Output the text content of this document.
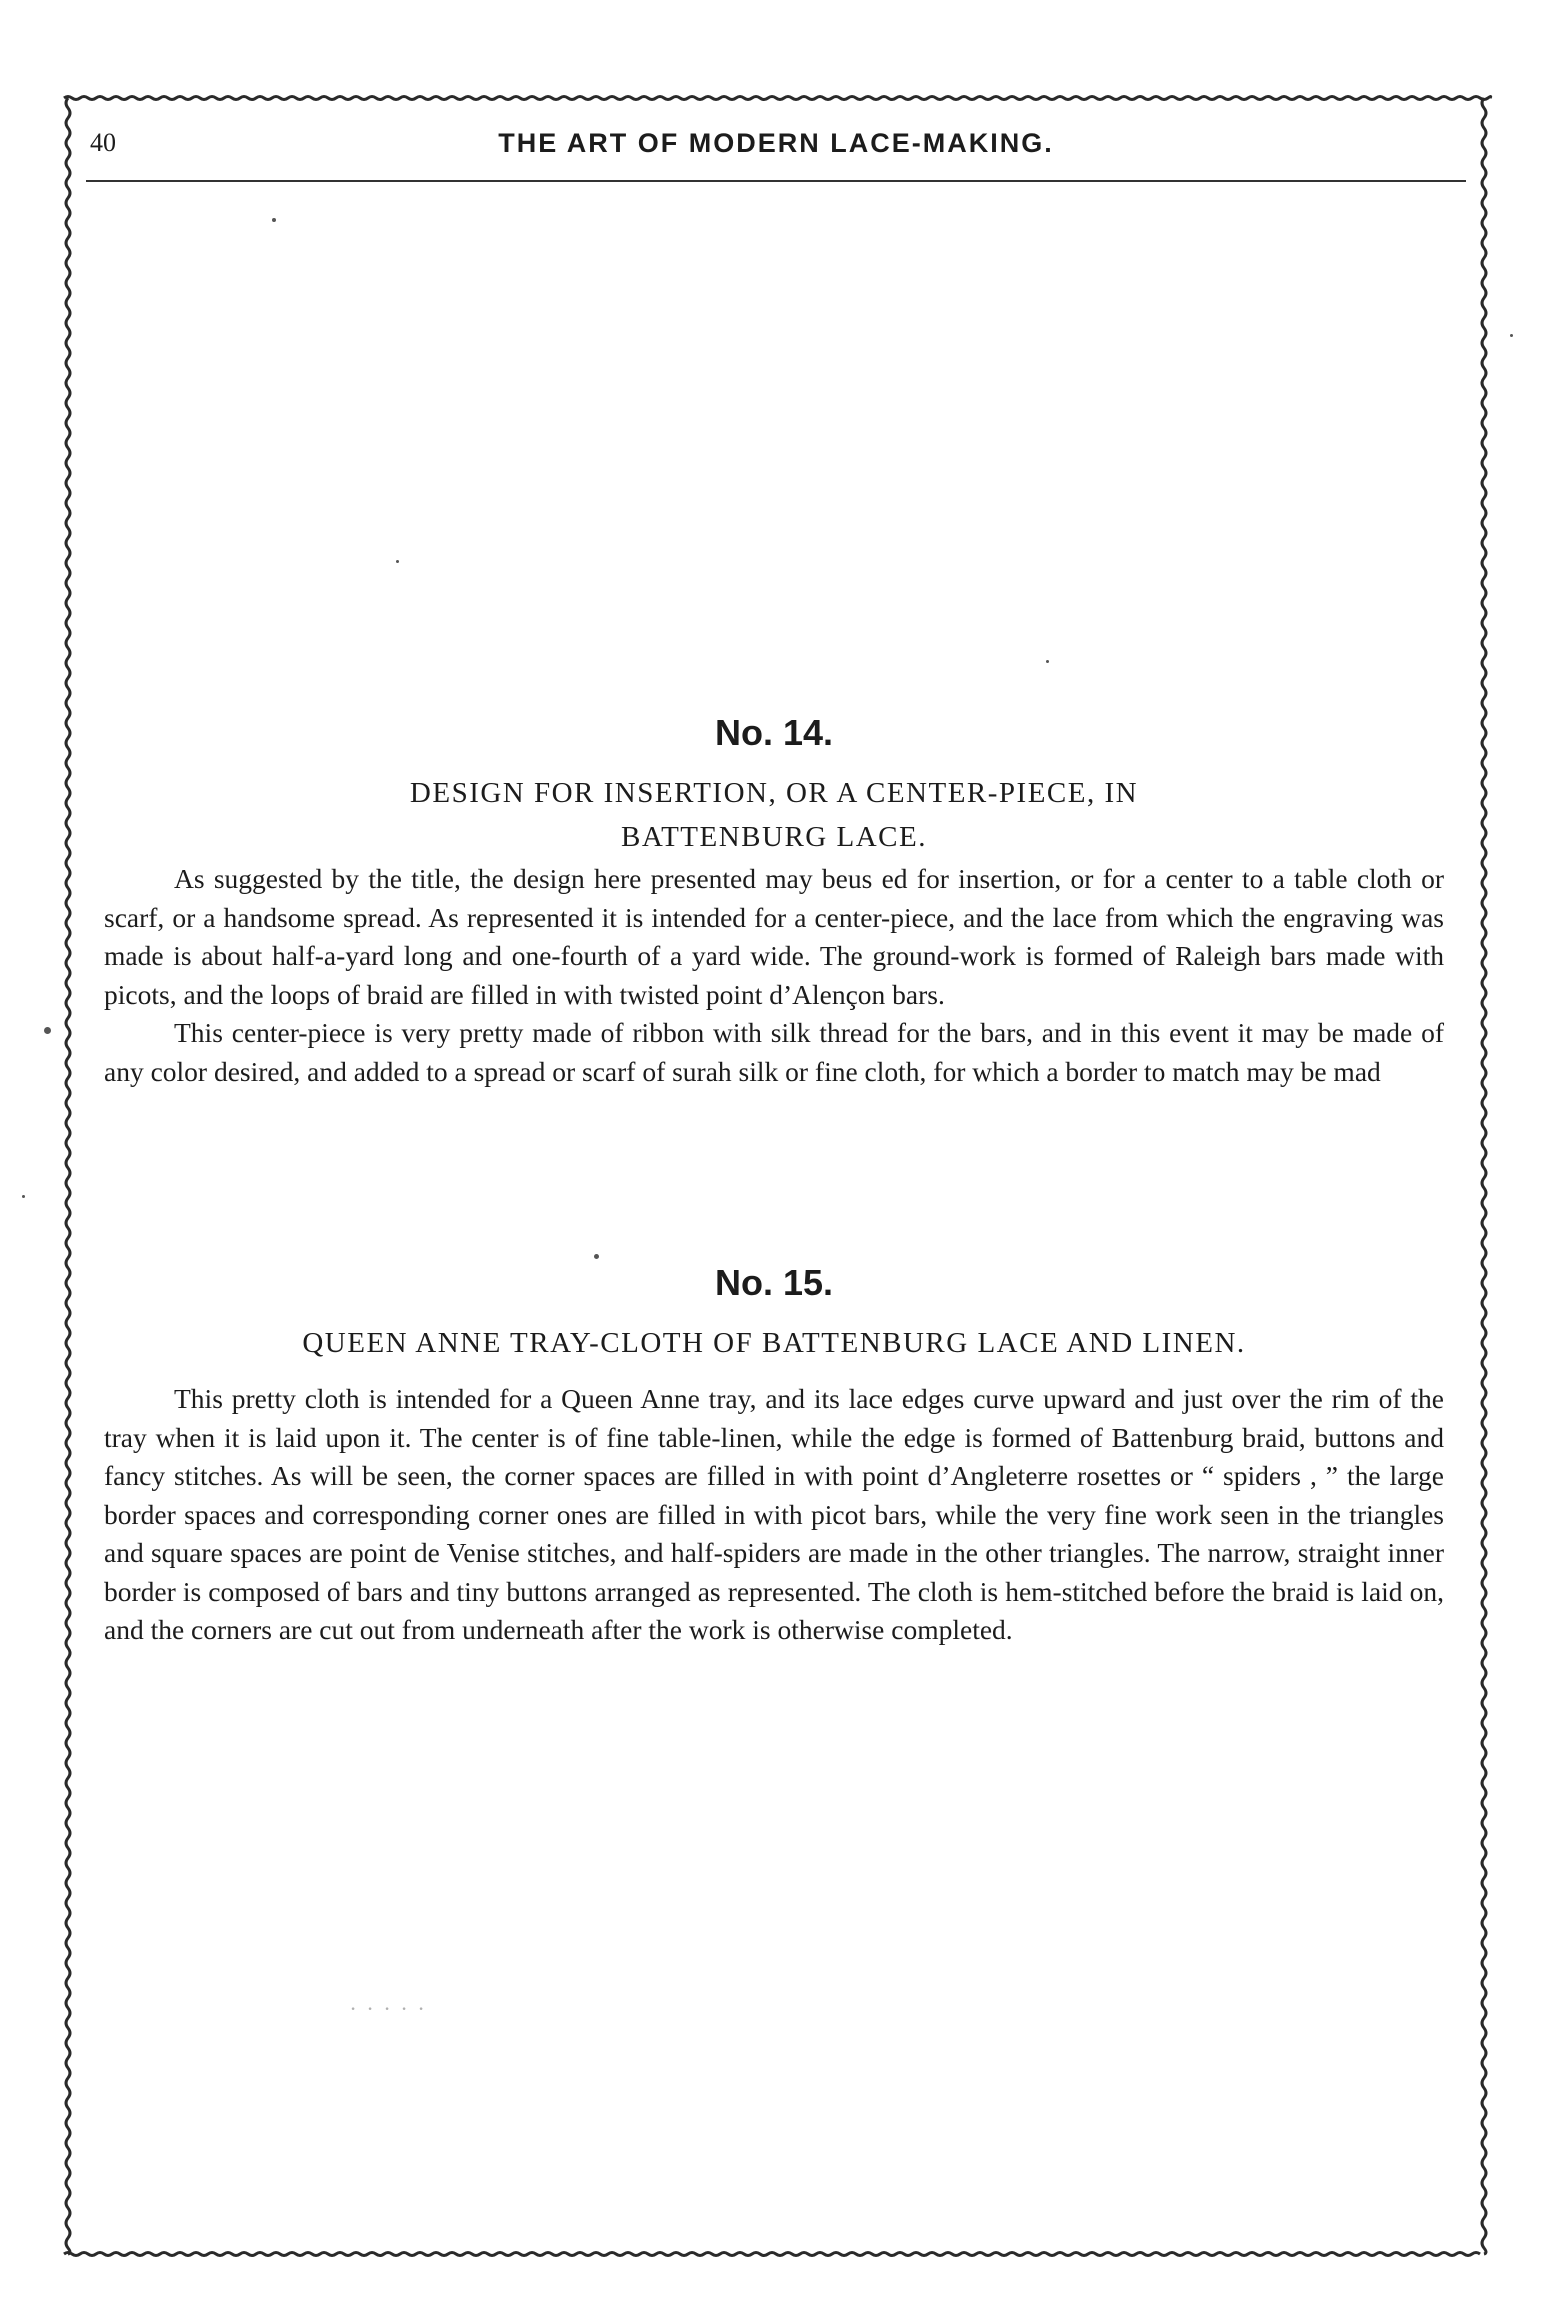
40	THE ART OF MODERN LACE-MAKING.
No. 14.
DESIGN FOR INSERTION, OR A CENTER-PIECE, IN
BATTENBURG LACE.

As suggested by the title, the design here presented may beus ed for insertion, or for a center to a table cloth or scarf, or a handsome spread. As represented it is intended for a center-piece, and the lace from which the engraving was made is about half-a-yard long and one-fourth of a yard wide. The ground-work is formed of Raleigh bars made with picots, and the loops of braid are filled in with twisted point d’Alençon bars.

This center-piece is very pretty made of ribbon with silk thread for the bars, and in this event it may be made of any color desired, and added to a spread or scarf of surah silk or fine cloth, for which a border to match may be mad

No. 15.
QUEEN ANNE TRAY-CLOTH OF BATTENBURG LACE AND LINEN.

This pretty cloth is intended for a Queen Anne tray, and its lace edges curve upward and just over the rim of the tray when it is laid upon it. The center is of fine table-linen, while the edge is formed of Battenburg braid, buttons and fancy stitches. As will be seen, the corner spaces are filled in with point d’Angleterre rosettes or “ spiders , ” the large border spaces and corresponding corner ones are filled in with picot bars, while the very fine work seen in the triangles and square spaces are point de Venise stitches, and half-spiders are made in the other triangles. The narrow, straight inner border is composed of bars and tiny buttons arranged as represented. The cloth is hem-stitched before the braid is laid on, and the corners are cut out from underneath after the work is otherwise completed.

· · · · ·
